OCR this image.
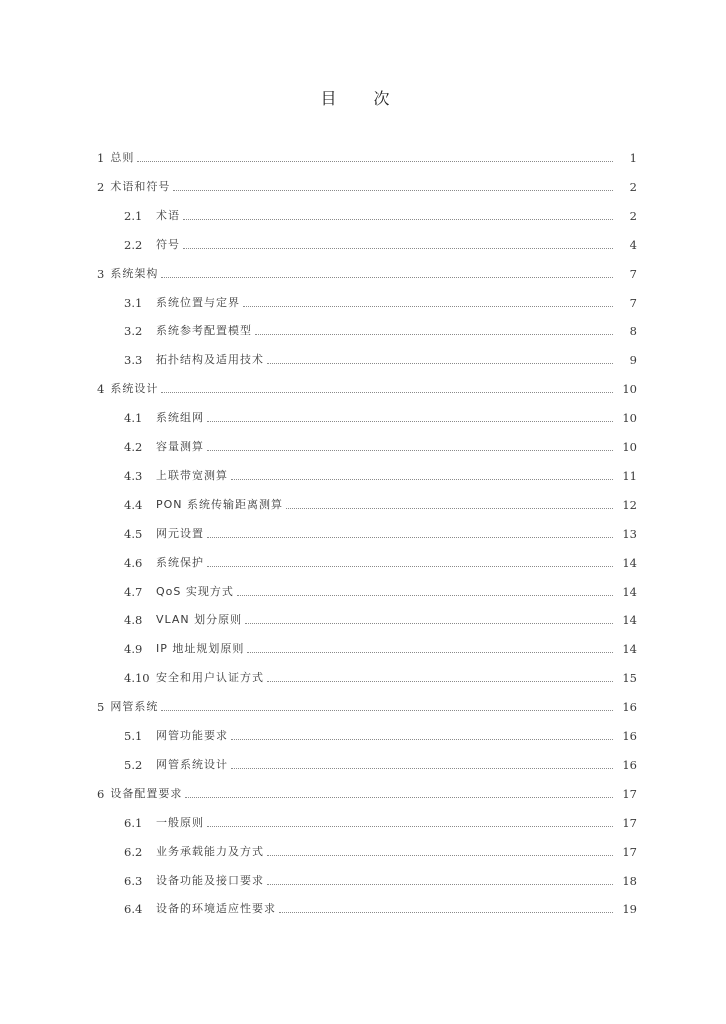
目 次
1 总则	1
2 术语和符号	2
2.1	术语	2
2.2	符号	4
3 系统架构	7
3.1	系统位置与定界	7
3.2	系统参考配置模型	8
3.3	拓扑结构及适用技术	9
4 系统设计	10
4.1	系统组网	10
4.2	容量测算	10
4.3	上联带宽测算	11
4.4	PON 系统传输距离测算	12
4.5	网元设置	13
4.6	系统保护	14
4.7	QoS 实现方式	14
4.8	VLAN 划分原则	14
4.9	IP 地址规划原则	14
4.10 安全和用户认证方式	15
5 网管系统	16
5.1	网管功能要求	16
5.2	网管系统设计	16
6 设备配置要求	17
6.1	一般原则	17
6.2	业务承载能力及方式	17
6.3	设备功能及接口要求	18
6.4	设备的环境适应性要求	19
